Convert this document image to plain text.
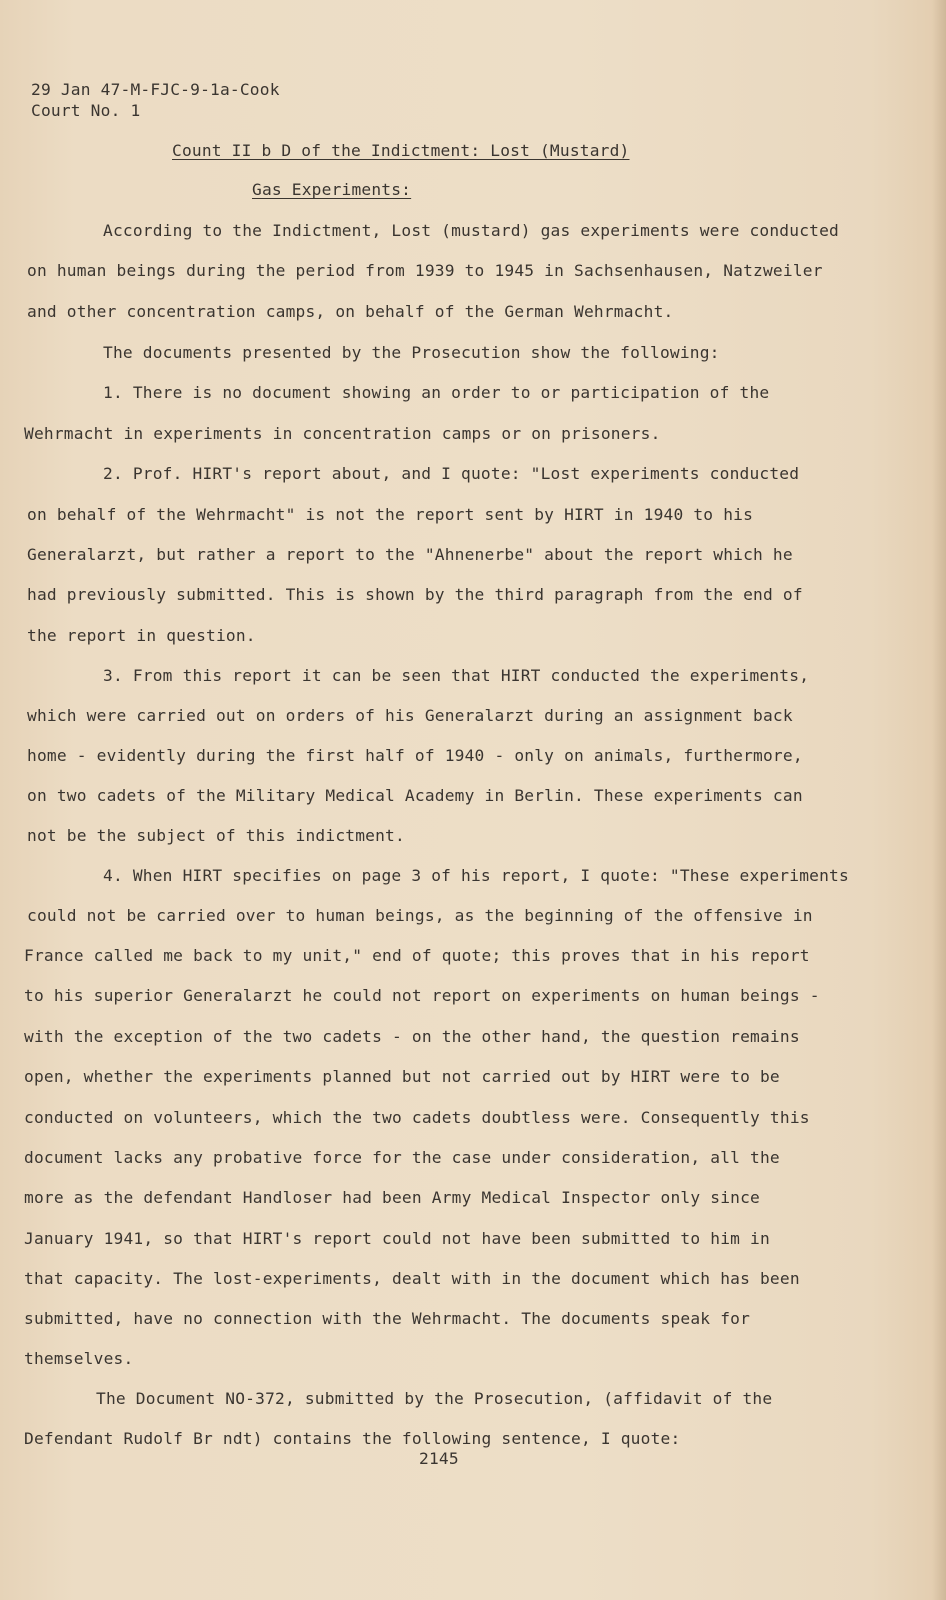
29 Jan 47-M-FJC-9-1a-Cook
Court No. 1
Count II b D of the Indictment: Lost (Mustard)
Gas Experiments:
According to the Indictment, Lost (mustard) gas experiments were conducted
on human beings during the period from 1939 to 1945 in Sachsenhausen, Natzweiler
and other concentration camps, on behalf of the German Wehrmacht.
The documents presented by the Prosecution show the following:
1. There is no document showing an order to or participation of the
Wehrmacht in experiments in concentration camps or on prisoners.
2. Prof. HIRT's report about, and I quote: "Lost experiments conducted
on behalf of the Wehrmacht" is not the report sent by HIRT in 1940 to his
Generalarzt, but rather a report to the "Ahnenerbe" about the report which he
had previously submitted. This is shown by the third paragraph from the end of
the report in question.
3. From this report it can be seen that HIRT conducted the experiments,
which were carried out on orders of his Generalarzt during an assignment back
home - evidently during the first half of 1940 - only on animals, furthermore,
on two cadets of the Military Medical Academy in Berlin. These experiments can
not be the subject of this indictment.
4. When HIRT specifies on page 3 of his report, I quote: "These experiments
could not be carried over to human beings, as the beginning of the offensive in
France called me back to my unit," end of quote; this proves that in his report
to his superior Generalarzt he could not report on experiments on human beings -
with the exception of the two cadets - on the other hand, the question remains
open, whether the experiments planned but not carried out by HIRT were to be
conducted on volunteers, which the two cadets doubtless were. Consequently this
document lacks any probative force for the case under consideration, all the
more as the defendant Handloser had been Army Medical Inspector only since
January 1941, so that HIRT's report could not have been submitted to him in
that capacity. The lost-experiments, dealt with in the document which has been
submitted, have no connection with the Wehrmacht. The documents speak for
themselves.
The Document NO-372, submitted by the Prosecution, (affidavit of the
Defendant Rudolf Br ndt) contains the following sentence, I quote:
2145
